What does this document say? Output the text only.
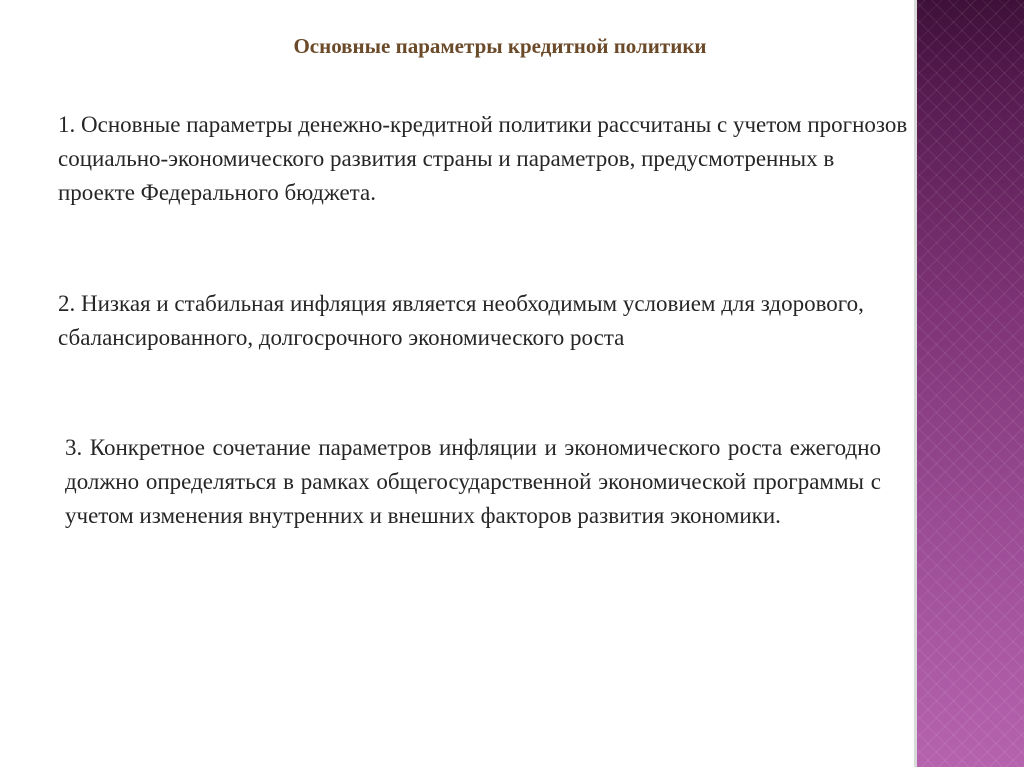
Основные параметры кредитной политики

1. Основные параметры денежно-кредитной политики рассчитаны с учетом прогнозов социально-экономического развития страны и параметров, предусмотренных в проекте Федерального бюджета.

2. Низкая и стабильная инфляция является необходимым условием для здорового, сбалансированного, долгосрочного экономического роста

3. Конкретное сочетание параметров инфляции и экономического роста ежегодно должно определяться в рамках общегосударственной экономической программы с учетом изменения внутренних и внешних факторов развития экономики.
